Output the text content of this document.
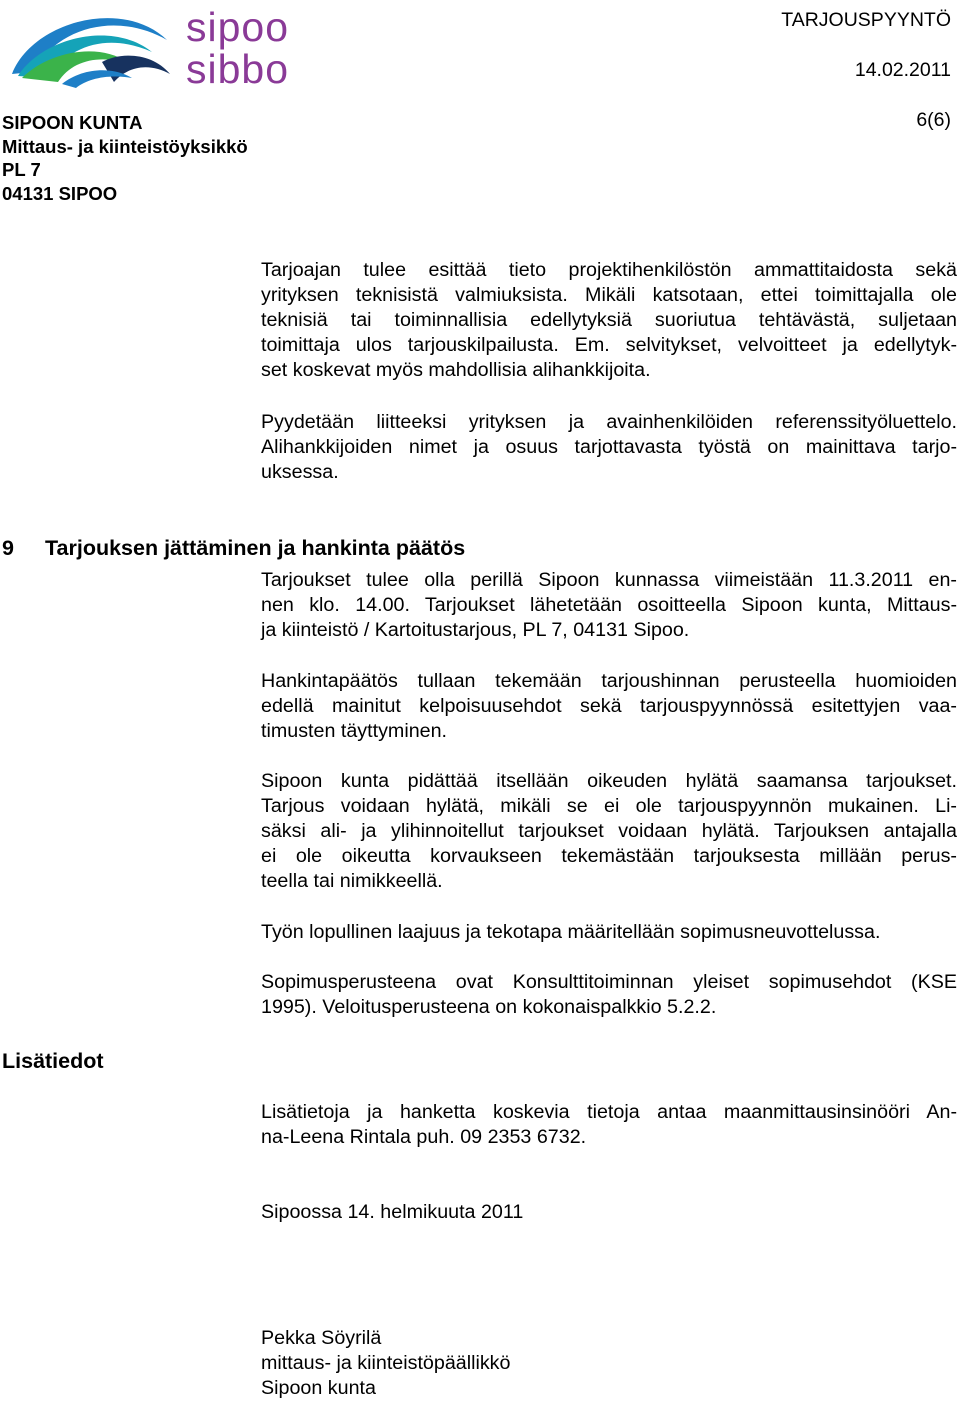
sipoo
sibbo
TARJOUSPYYNTÖ
14.02.2011
6(6)
SIPOON KUNTA
Mittaus- ja kiinteistöyksikkö
PL 7
04131 SIPOO
Tarjoajan tulee esittää tieto projektihenkilöstön ammattitaidosta sekä
yrityksen teknisistä valmiuksista. Mikäli katsotaan, ettei toimittajalla ole
teknisiä tai toiminnallisia edellytyksiä suoriutua tehtävästä, suljetaan
toimittaja ulos tarjouskilpailusta. Em. selvitykset, velvoitteet ja edellytyk-
set koskevat myös mahdollisia alihankkijoita.
Pyydetään liitteeksi yrityksen ja avainhenkilöiden referenssityöluettelo.
Alihankkijoiden nimet ja osuus tarjottavasta työstä on mainittava tarjo-
uksessa.
9 Tarjouksen jättäminen ja hankinta päätös
Tarjoukset tulee olla perillä Sipoon kunnassa viimeistään 11.3.2011 en-
nen klo. 14.00. Tarjoukset lähetetään osoitteella Sipoon kunta, Mittaus-
ja kiinteistö / Kartoitustarjous, PL 7, 04131 Sipoo.
Hankintapäätös tullaan tekemään tarjoushinnan perusteella huomioiden
edellä mainitut kelpoisuusehdot sekä tarjouspyynnössä esitettyjen vaa-
timusten täyttyminen.
Sipoon kunta pidättää itsellään oikeuden hylätä saamansa tarjoukset.
Tarjous voidaan hylätä, mikäli se ei ole tarjouspyynnön mukainen. Li-
säksi ali- ja ylihinnoitellut tarjoukset voidaan hylätä. Tarjouksen antajalla
ei ole oikeutta korvaukseen tekemästään tarjouksesta millään perus-
teella tai nimikkeellä.
Työn lopullinen laajuus ja tekotapa määritellään sopimusneuvottelussa.
Sopimusperusteena ovat Konsulttitoiminnan yleiset sopimusehdot (KSE
1995). Veloitusperusteena on kokonaispalkkio 5.2.2.
Lisätiedot
Lisätietoja ja hanketta koskevia tietoja antaa maanmittausinsinööri An-
na-Leena Rintala puh. 09 2353 6732.
Sipoossa 14. helmikuuta 2011
Pekka Söyrilä
mittaus- ja kiinteistöpäällikkö
Sipoon kunta
